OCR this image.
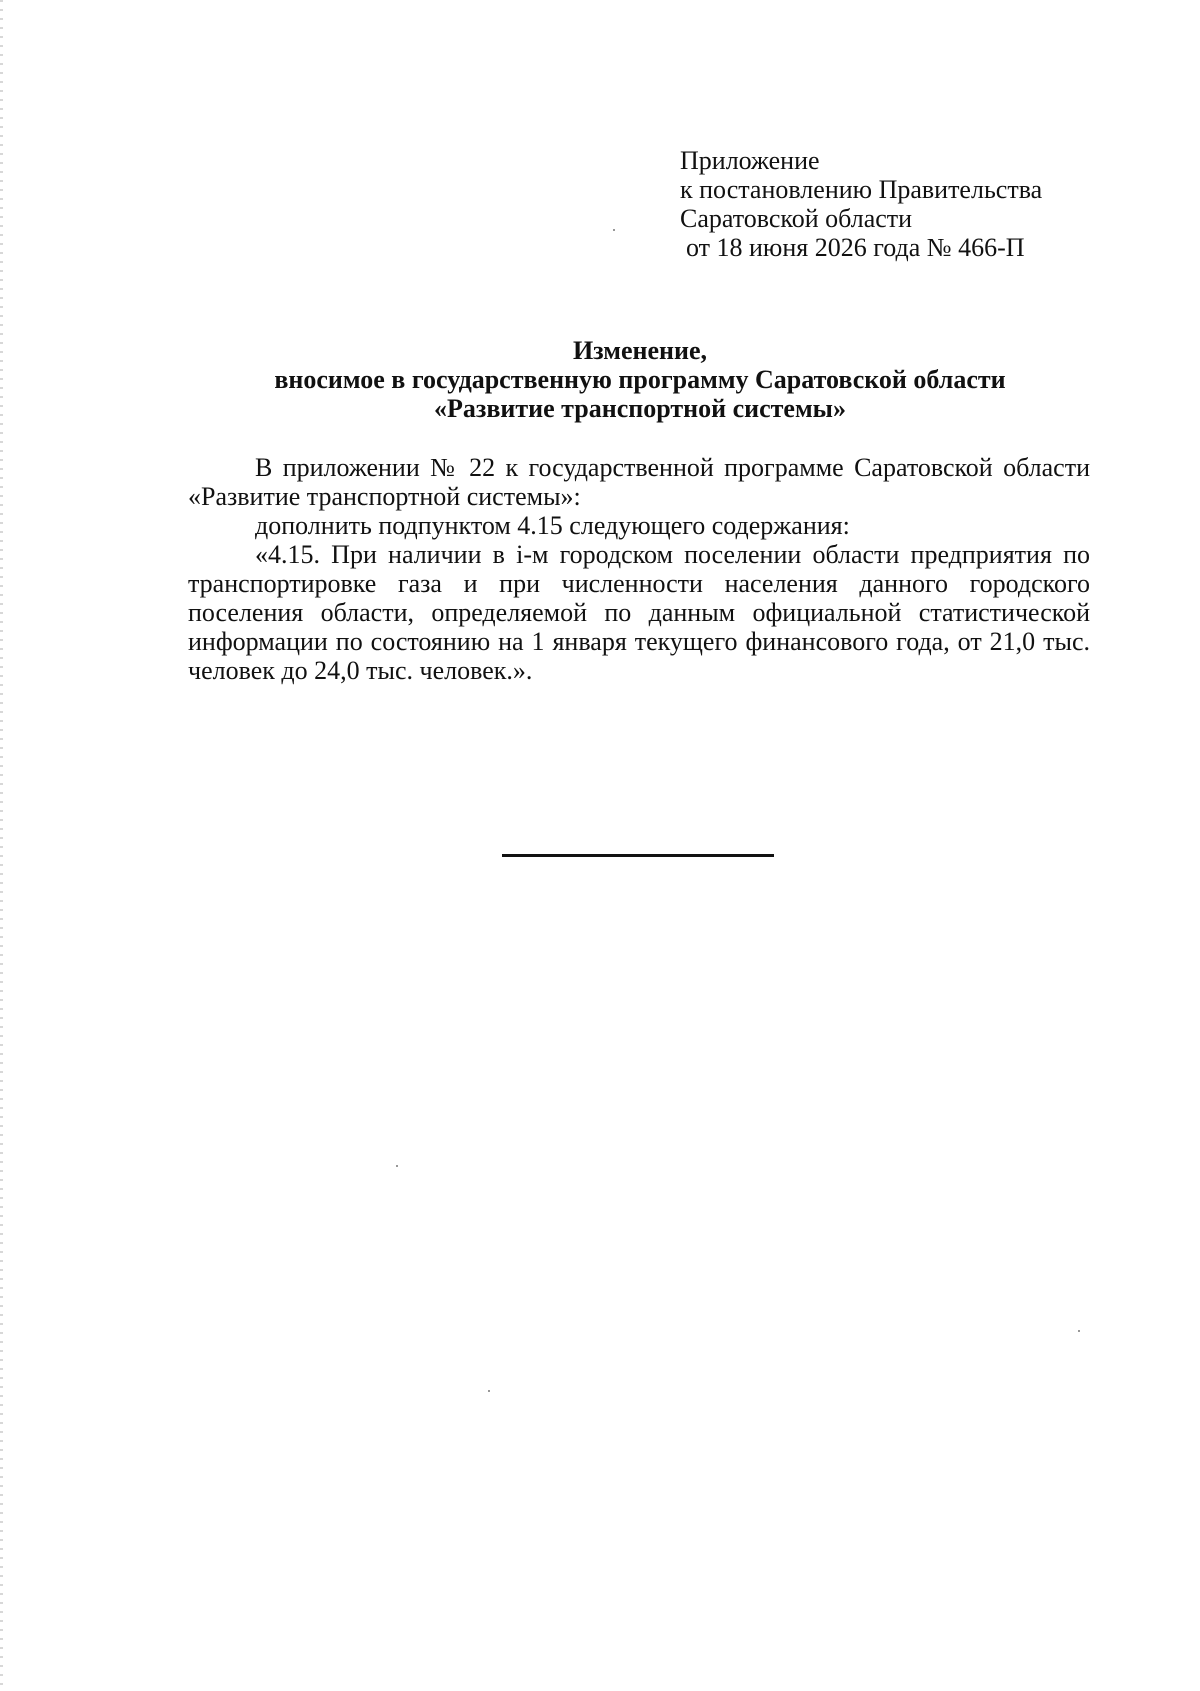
Приложение
к постановлению Правительства
Саратовской области
от 18 июня 2026 года № 466-П
Изменение,
вносимое в государственную программу Саратовской области
«Развитие транспортной системы»

В приложении № 22 к государственной программе Саратовской области «Развитие транспортной системы»:

дополнить подпунктом 4.15 следующего содержания:

«4.15. При наличии в i-м городском поселении области предприятия по транспортировке газа и при численности населения данного городского поселения области, определяемой по данным официальной статистической информации по состоянию на 1 января текущего финансового года, от 21,0 тыс. человек до 24,0 тыс. человек.».
